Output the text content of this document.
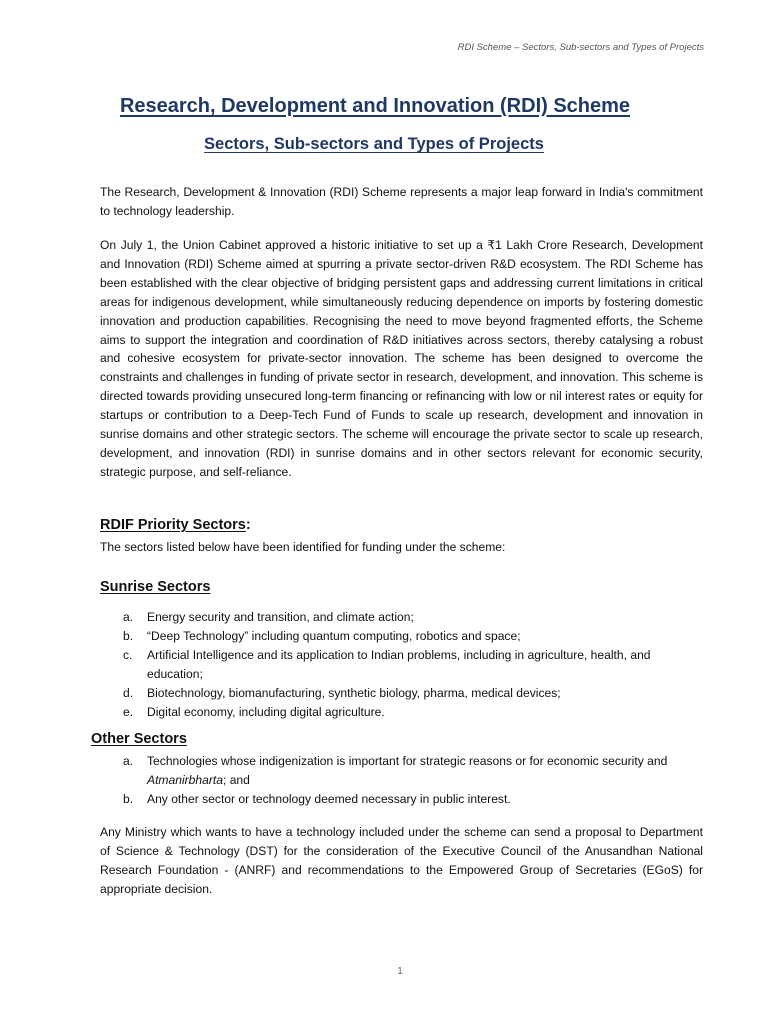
RDI Scheme – Sectors, Sub-sectors and Types of Projects
Research, Development and Innovation (RDI) Scheme
Sectors, Sub-sectors and Types of Projects

The Research, Development & Innovation (RDI) Scheme represents a major leap forward in India's commitment to technology leadership.

On July 1, the Union Cabinet approved a historic initiative to set up a ₹1 Lakh Crore Research, Development and Innovation (RDI) Scheme aimed at spurring a private sector-driven R&D ecosystem. The RDI Scheme has been established with the clear objective of bridging persistent gaps and addressing current limitations in critical areas for indigenous development, while simultaneously reducing dependence on imports by fostering domestic innovation and production capabilities. Recognising the need to move beyond fragmented efforts, the Scheme aims to support the integration and coordination of R&D initiatives across sectors, thereby catalysing a robust and cohesive ecosystem for private-sector innovation. The scheme has been designed to overcome the constraints and challenges in funding of private sector in research, development, and innovation. This scheme is directed towards providing unsecured long-term financing or refinancing with low or nil interest rates or equity for startups or contribution to a Deep-Tech Fund of Funds to scale up research, development and innovation in sunrise domains and other strategic sectors. The scheme will encourage the private sector to scale up research, development, and innovation (RDI) in sunrise domains and in other sectors relevant for economic security, strategic purpose, and self-reliance.

RDIF Priority Sectors:

The sectors listed below have been identified for funding under the scheme:

Sunrise Sectors
a. Energy security and transition, and climate action;
b. “Deep Technology” including quantum computing, robotics and space;
c. Artificial Intelligence and its application to Indian problems, including in agriculture, health, and education;
d. Biotechnology, biomanufacturing, synthetic biology, pharma, medical devices;
e. Digital economy, including digital agriculture.
Other Sectors
a. Technologies whose indigenization is important for strategic reasons or for economic security and Atmanirbharta; and
b. Any other sector or technology deemed necessary in public interest.

Any Ministry which wants to have a technology included under the scheme can send a proposal to Department of Science & Technology (DST) for the consideration of the Executive Council of the Anusandhan National Research Foundation - (ANRF) and recommendations to the Empowered Group of Secretaries (EGoS) for appropriate decision.

1
